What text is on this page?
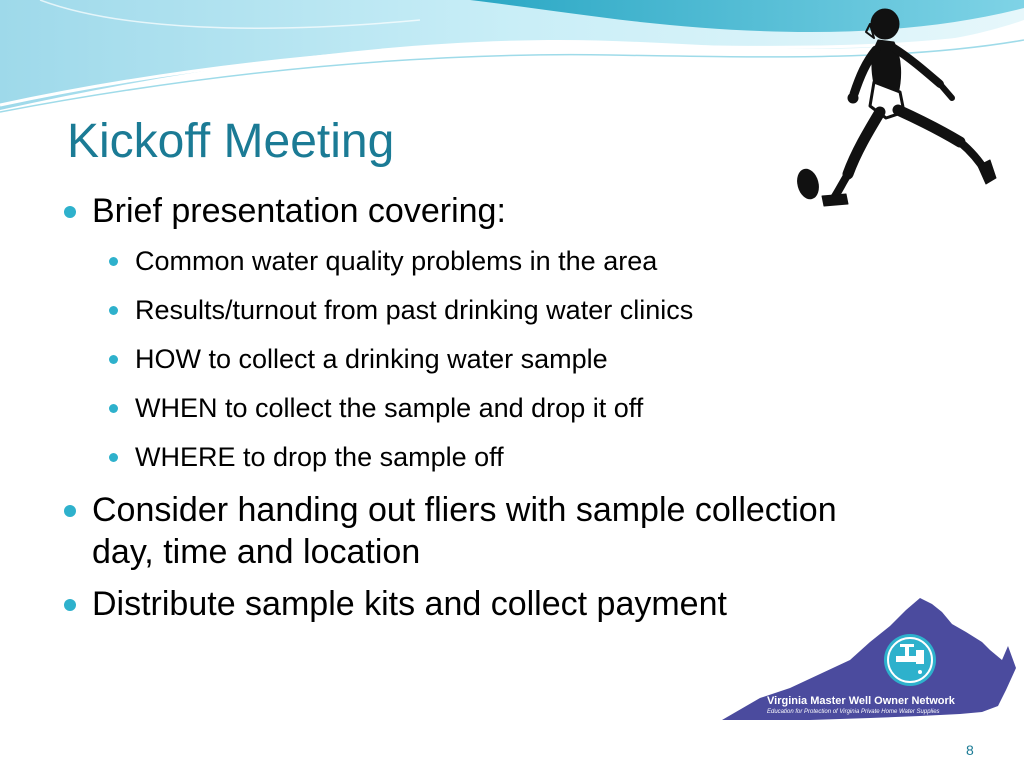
Kickoff Meeting
Brief presentation covering:
Common water quality problems in the area
Results/turnout from past drinking water clinics
HOW to collect a drinking water sample
WHEN to collect the sample and drop it off
WHERE to drop the sample off
Consider handing out fliers with sample collection day, time and location
Distribute sample kits and collect payment
Virginia Master Well Owner Network
Education for Protection of Virginia Private Home Water Supplies
8
